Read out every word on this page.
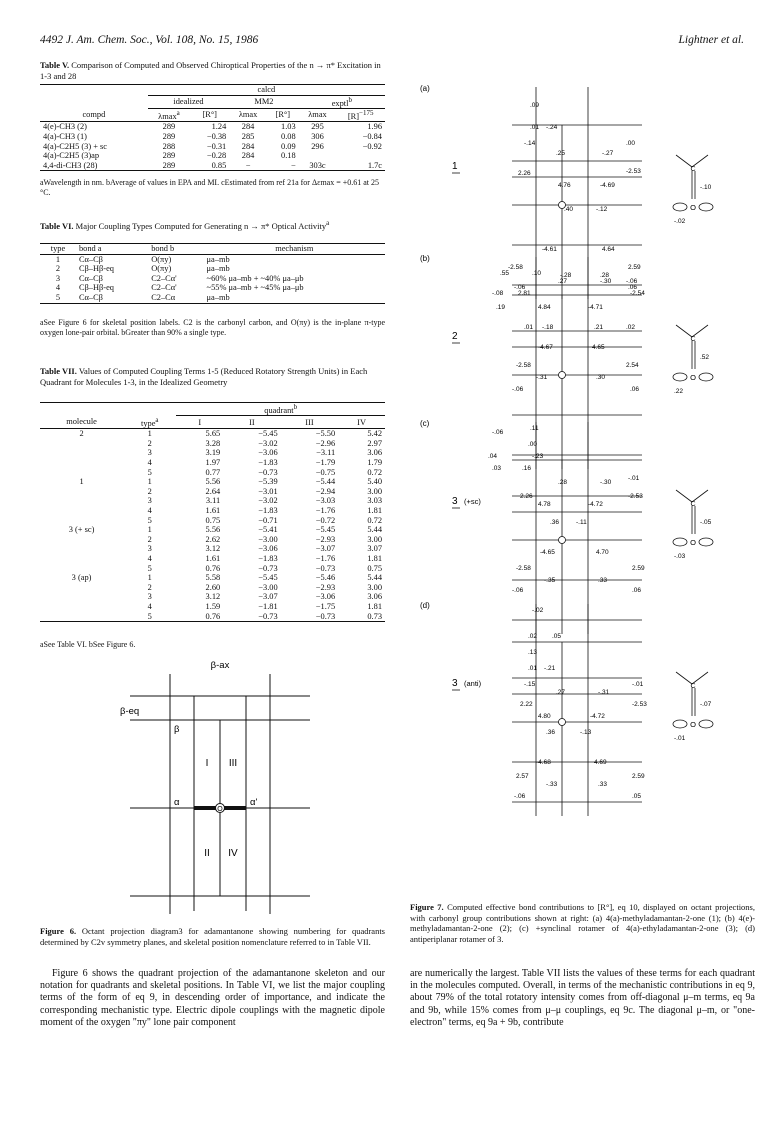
4492 J. Am. Chem. Soc., Vol. 108, No. 15, 1986	Lightner et al.
Table V. Comparison of Computed and Observed Chiroptical Properties of the n → π* Excitation in 1-3 and 28
	calcd					
	idealized		MM2		exptl$^b$
compd	λmax$^a$	[R°]	λmax	[R°]	λmax	$[R]^{-175}$
4(e)-CH3 (2)	289	1.24	284	1.03	295	1.96
4(a)-CH3 (1)	289	−0.38	285	0.08	306	−0.84
4(a)-C2H5 (3) + sc	288	−0.31	284	0.09	296	−0.92
4(a)-C2H5 (3)ap	289	−0.28	284	0.18		
4,4-di-CH3 (28)	289	0.85	−	−	303c	1.7c
aWavelength in nm. bAverage of values in EPA and MI. cEstimated from ref 21a for Δεmax = +0.61 at 25 °C.
Table VI. Major Coupling Types Computed for Generating n → π* Optical Activity$^a$
type	bond a	bond b	mechanism
1	Cα–Cβ	O(πy)	μa–mb
2	Cβ–Hβ-eq	O(πy)	μa–mb
3	Cα–Cβ	C2–Cα'	~60% μa–mb + ~40% μa–μb
4	Cβ–Hβ-eq	C2–Cα'	~55% μa–mb + ~45% μa–μb
5	Cα–Cβ	C2–Cα	μa–mb
aSee Figure 6 for skeletal position labels. C2 is the carbonyl carbon, and O(πy) is the in-plane π-type oxygen lone-pair orbital. bGreater than 90% a single type.
Table VII. Values of Computed Coupling Terms 1-5 (Reduced Rotatory Strength Units) in Each Quadrant for Molecules 1-3, in the Idealized Geometry
		quadrant$^b$
molecule	type$^a$	I	II	III	IV
2	1	5.65	−5.45	−5.50	5.42
	2	3.28	−3.02	−2.96	2.97
	3	3.19	−3.06	−3.11	3.06
	4	1.97	−1.83	−1.79	1.79
	5	0.77	−0.73	−0.75	0.72
1	1	5.56	−5.39	−5.44	5.40
	2	2.64	−3.01	−2.94	3.00
	3	3.11	−3.02	−3.03	3.03
	4	1.61	−1.83	−1.76	1.81
	5	0.75	−0.71	−0.72	0.72
3 (+ sc)	1	5.56	−5.41	−5.45	5.44
	2	2.62	−3.00	−2.93	3.00
	3	3.12	−3.06	−3.07	3.07
	4	1.61	−1.83	−1.76	1.81
	5	0.76	−0.73	−0.73	0.75
3 (ap)	1	5.58	−5.45	−5.46	5.44
	2	2.60	−3.00	−2.93	3.00
	3	3.12	−3.07	−3.06	3.06
	4	1.59	−1.81	−1.75	1.81
	5	0.76	−0.73	−0.73	0.73
aSee Table VI. bSee Figure 6.
O
β-ax
β-eq
β
α	α'
I III
II IV
Figure 6. Octant projection diagram3 for adamantanone showing numbering for quadrants determined by C2v symmetry planes, and skeletal position nomenclature referred to in Table VII.
(a)
1
.09
.01 -.24
-.14
.25	-.27
.00
2.26	-2.53
4.76	-4.69
.40	-.12
-4.61	4.64
-2.58	2.59
-.28	.28
-.06	.06
C
O
-.10
-.02
(b)
2
.55	.10
.27	-.30 -.06
-.08 2.81	-2.54
.19	4.84	-4.71
.01 -.18	.21	.02
-4.67	4.65
-2.58	2.54
-.31	.30
-.06	.06
C
O
.52
.22
(c)
3 (+sc)
-.06
.11
.00
.04	-.23
.03	.16
.28	-.30
-.01
2.26	-2.53
4.78	-4.72
.36	-.11
-4.65	4.70
-2.58	2.59
-.35	.33
-.06	.06
C
O
-.05
-.03
(d)
3 (anti)
-.02
.02 .05
.13
.01 -.21
-.15
.27	-.31
-.01
2.22	-2.53
4.80	-4.72
.36	-.13
-4.68	4.69
2.57	2.59
-.33	.33
-.06	.05
C
O
-.07
-.01
Figure 7. Computed effective bond contributions to [R°], eq 10, displayed on octant projections, with carbonyl group contributions shown at right: (a) 4(a)-methyladamantan-2-one (1); (b) 4(e)-methyladamantan-2-one (2); (c) +synclinal rotamer of 4(a)-ethyladamantan-2-one (3); (d) antiperiplanar rotamer of 3.
Figure 6 shows the quadrant projection of the adamantanone skeleton and our notation for quadrants and skeletal positions. In Table VI, we list the major coupling terms of the form of eq 9, in descending order of importance, and indicate the corresponding mechanistic type. Electric dipole couplings with the magnetic dipole moment of the oxygen "πy" lone pair component
are numerically the largest. Table VII lists the values of these terms for each quadrant in the molecules computed. Overall, in terms of the mechanistic contributions in eq 9, about 79% of the total rotatory intensity comes from off-diagonal μ–m terms, eq 9a and 9b, while 15% comes from μ–μ couplings, eq 9c. The diagonal μ–m, or "one-electron" terms, eq 9a + 9b, contribute
